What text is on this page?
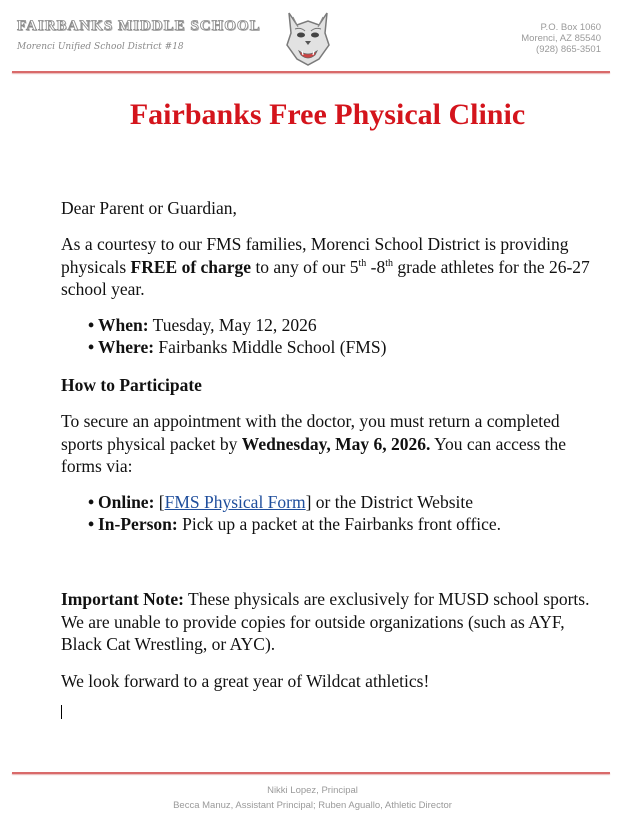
FAIRBANKS MIDDLE SCHOOL
Morenci Unified School District #18
P.O. Box 1060
Morenci, AZ 85540
(928) 865-3501
Fairbanks Free Physical Clinic
Dear Parent or Guardian,
As a courtesy to our FMS families, Morenci School District is providing physicals FREE of charge to any of our 5th -8th grade athletes for the 26-27 school year.
• When: Tuesday, May 12, 2026
• Where: Fairbanks Middle School (FMS)
How to Participate
To secure an appointment with the doctor, you must return a completed sports physical packet by Wednesday, May 6, 2026. You can access the forms via:
• Online: [FMS Physical Form] or the District Website
• In-Person: Pick up a packet at the Fairbanks front office.
Important Note: These physicals are exclusively for MUSD school sports. We are unable to provide copies for outside organizations (such as AYF, Black Cat Wrestling, or AYC).
We look forward to a great year of Wildcat athletics!
Nikki Lopez, Principal
Becca Manuz, Assistant Principal; Ruben Aguallo, Athletic Director
